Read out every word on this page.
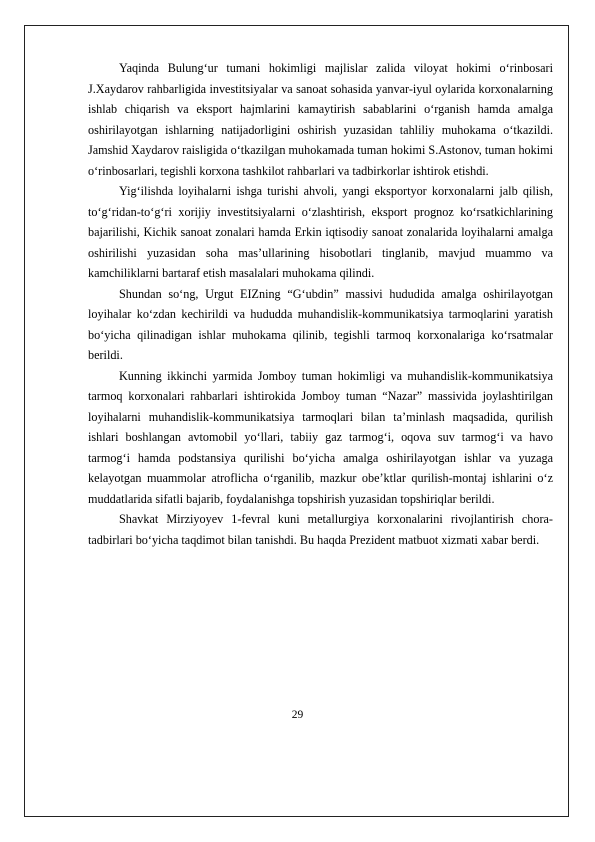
Yaqinda Bulungʻur tumani hokimligi majlislar zalida viloyat hokimi oʻrinbosari J.Xaydarov rahbarligida investitsiyalar va sanoat sohasida yanvar-iyul oylarida korxonalarning ishlab chiqarish va eksport hajmlarini kamaytirish sabablarini oʻrganish hamda amalga oshirilayotgan ishlarning natijadorligini oshirish yuzasidan tahliliy muhokama oʻtkazildi. Jamshid Xaydarov raisligida oʻtkazilgan muhokamada tuman hokimi S.Astonov, tuman hokimi oʻrinbosarlari, tegishli korxona tashkilot rahbarlari va tadbirkorlar ishtirok etishdi.

Yigʻilishda loyihalarni ishga turishi ahvoli, yangi eksportyor korxonalarni jalb qilish, toʻgʻridan-toʻgʻri xorijiy investitsiyalarni oʻzlashtirish, eksport prognoz koʻrsatkichlarining bajarilishi, Kichik sanoat zonalari hamda Erkin iqtisodiy sanoat zonalarida loyihalarni amalga oshirilishi yuzasidan soha mas’ullarining hisobotlari tinglanib, mavjud muammo va kamchiliklarni bartaraf etish masalalari muhokama qilindi.

Shundan soʻng, Urgut EIZning “Gʻubdin” massivi hududida amalga oshirilayotgan loyihalar koʻzdan kechirildi va hududda muhandislik-kommunikatsiya tarmoqlarini yaratish boʻyicha qilinadigan ishlar muhokama qilinib, tegishli tarmoq korxonalariga koʻrsatmalar berildi.

Kunning ikkinchi yarmida Jomboy tuman hokimligi va muhandislik-kommunikatsiya tarmoq korxonalari rahbarlari ishtirokida Jomboy tuman “Nazar” massivida joylashtirilgan loyihalarni muhandislik-kommunikatsiya tarmoqlari bilan ta’minlash maqsadida, qurilish ishlari boshlangan avtomobil yoʻllari, tabiiy gaz tarmogʻi, oqova suv tarmogʻi va havo tarmogʻi hamda podstansiya qurilishi boʻyicha amalga oshirilayotgan ishlar va yuzaga kelayotgan muammolar atroflicha oʻrganilib, mazkur obe’ktlar qurilish-montaj ishlarini oʻz muddatlarida sifatli bajarib, foydalanishga topshirish yuzasidan topshiriqlar berildi.

Shavkat Mirziyoyev 1-fevral kuni metallurgiya korxonalarini rivojlantirish chora-tadbirlari boʻyicha taqdimot bilan tanishdi. Bu haqda Prezident matbuot xizmati xabar berdi.

29
